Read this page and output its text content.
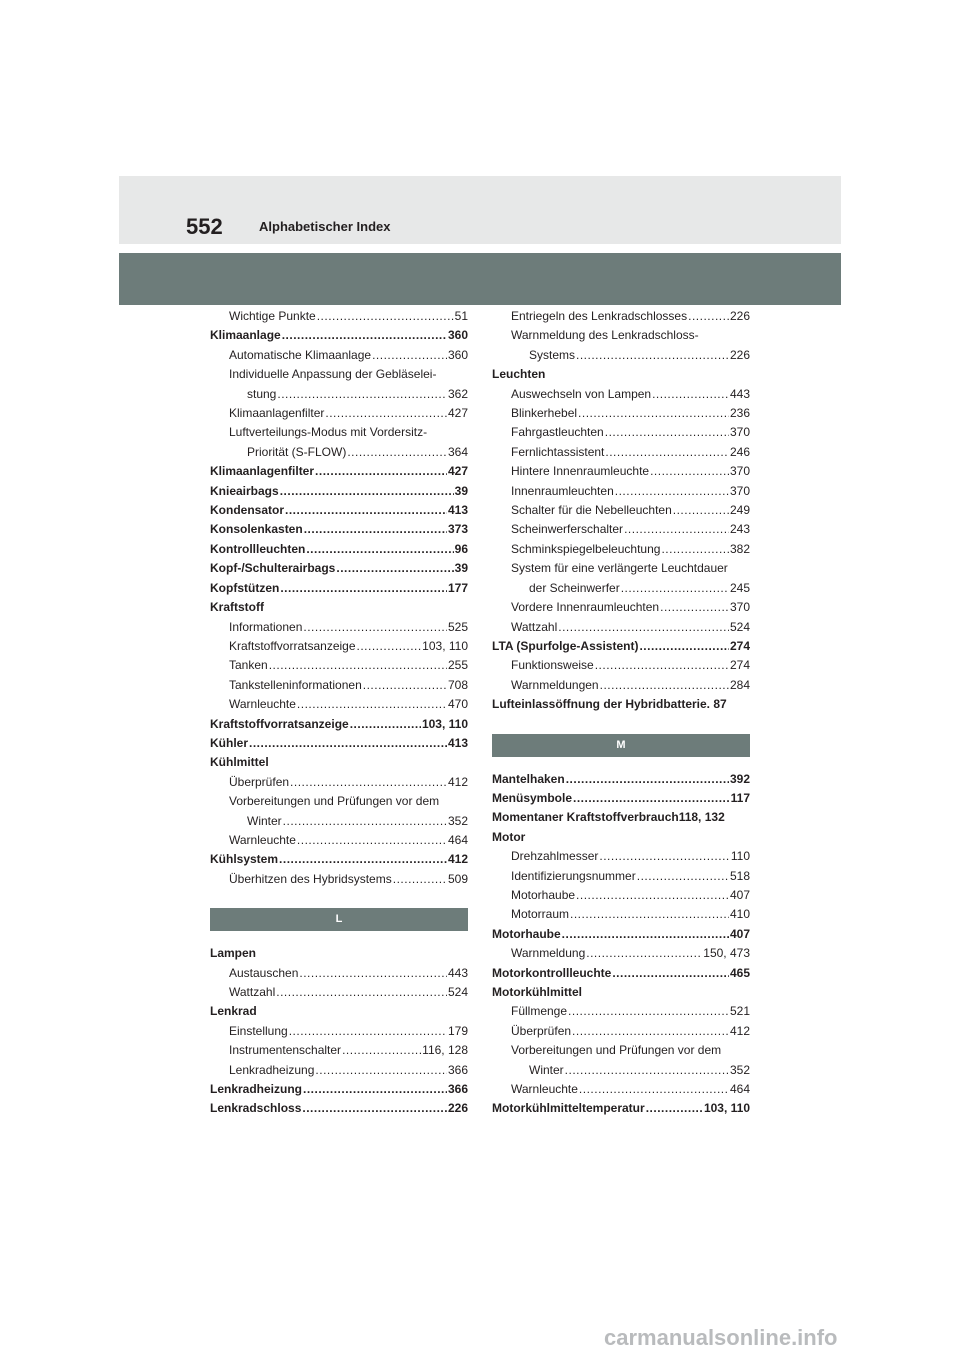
552	Alphabetischer Index
Wichtige Punkte .....	51
Klimaanlage .....	360
Automatische Klimaanlage .....	360
Individuelle Anpassung der Gebläselei-
stung .....	362
Klimaanlagenfilter .....	427
Luftverteilungs-Modus mit Vordersitz-
Priorität (S-FLOW) .....	364
Klimaanlagenfilter .....	427
Knieairbags .....	39
Kondensator .....	413
Konsolenkasten .....	373
Kontrollleuchten .....	96
Kopf-/Schulterairbags .....	39
Kopfstützen .....	177
Kraftstoff
Informationen .....	525
Kraftstoffvorratsanzeige .....	103, 110
Tanken .....	255
Tankstelleninformationen .....	708
Warnleuchte .....	470
Kraftstoffvorratsanzeige .....	103, 110
Kühler .....	413
Kühlmittel
Überprüfen .....	412
Vorbereitungen und Prüfungen vor dem
Winter .....	352
Warnleuchte .....	464
Kühlsystem .....	412
Überhitzen des Hybridsystems .....	509
L
Lampen
Austauschen .....	443
Wattzahl .....	524
Lenkrad
Einstellung .....	179
Instrumentenschalter .....	116, 128
Lenkradheizung .....	366
Lenkradheizung .....	366
Lenkradschloss .....	226
Entriegeln des Lenkradschlosses .....	226
Warnmeldung des Lenkradschloss-
Systems .....	226
Leuchten
Auswechseln von Lampen .....	443
Blinkerhebel .....	236
Fahrgastleuchten .....	370
Fernlichtassistent .....	246
Hintere Innenraumleuchte .....	370
Innenraumleuchten .....	370
Schalter für die Nebelleuchten .....	249
Scheinwerferschalter .....	243
Schminkspiegelbeleuchtung .....	382
System für eine verlängerte Leuchtdauer
der Scheinwerfer .....	245
Vordere Innenraumleuchten .....	370
Wattzahl .....	524
LTA (Spurfolge-Assistent) .....	274
Funktionsweise .....	274
Warnmeldungen .....	284
Lufteinlassöffnung der Hybridbatterie. 87
M
Mantelhaken .....	392
Menüsymbole .....	117
Momentaner Kraftstoffverbrauch118, 132
Motor
Drehzahlmesser .....	110
Identifizierungsnummer .....	518
Motorhaube .....	407
Motorraum .....	410
Motorhaube .....	407
Warnmeldung .....	150, 473
Motorkontrollleuchte .....	465
Motorkühlmittel
Füllmenge .....	521
Überprüfen .....	412
Vorbereitungen und Prüfungen vor dem
Winter .....	352
Warnleuchte .....	464
Motorkühlmitteltemperatur .....	103, 110
carmanualsonline.info
